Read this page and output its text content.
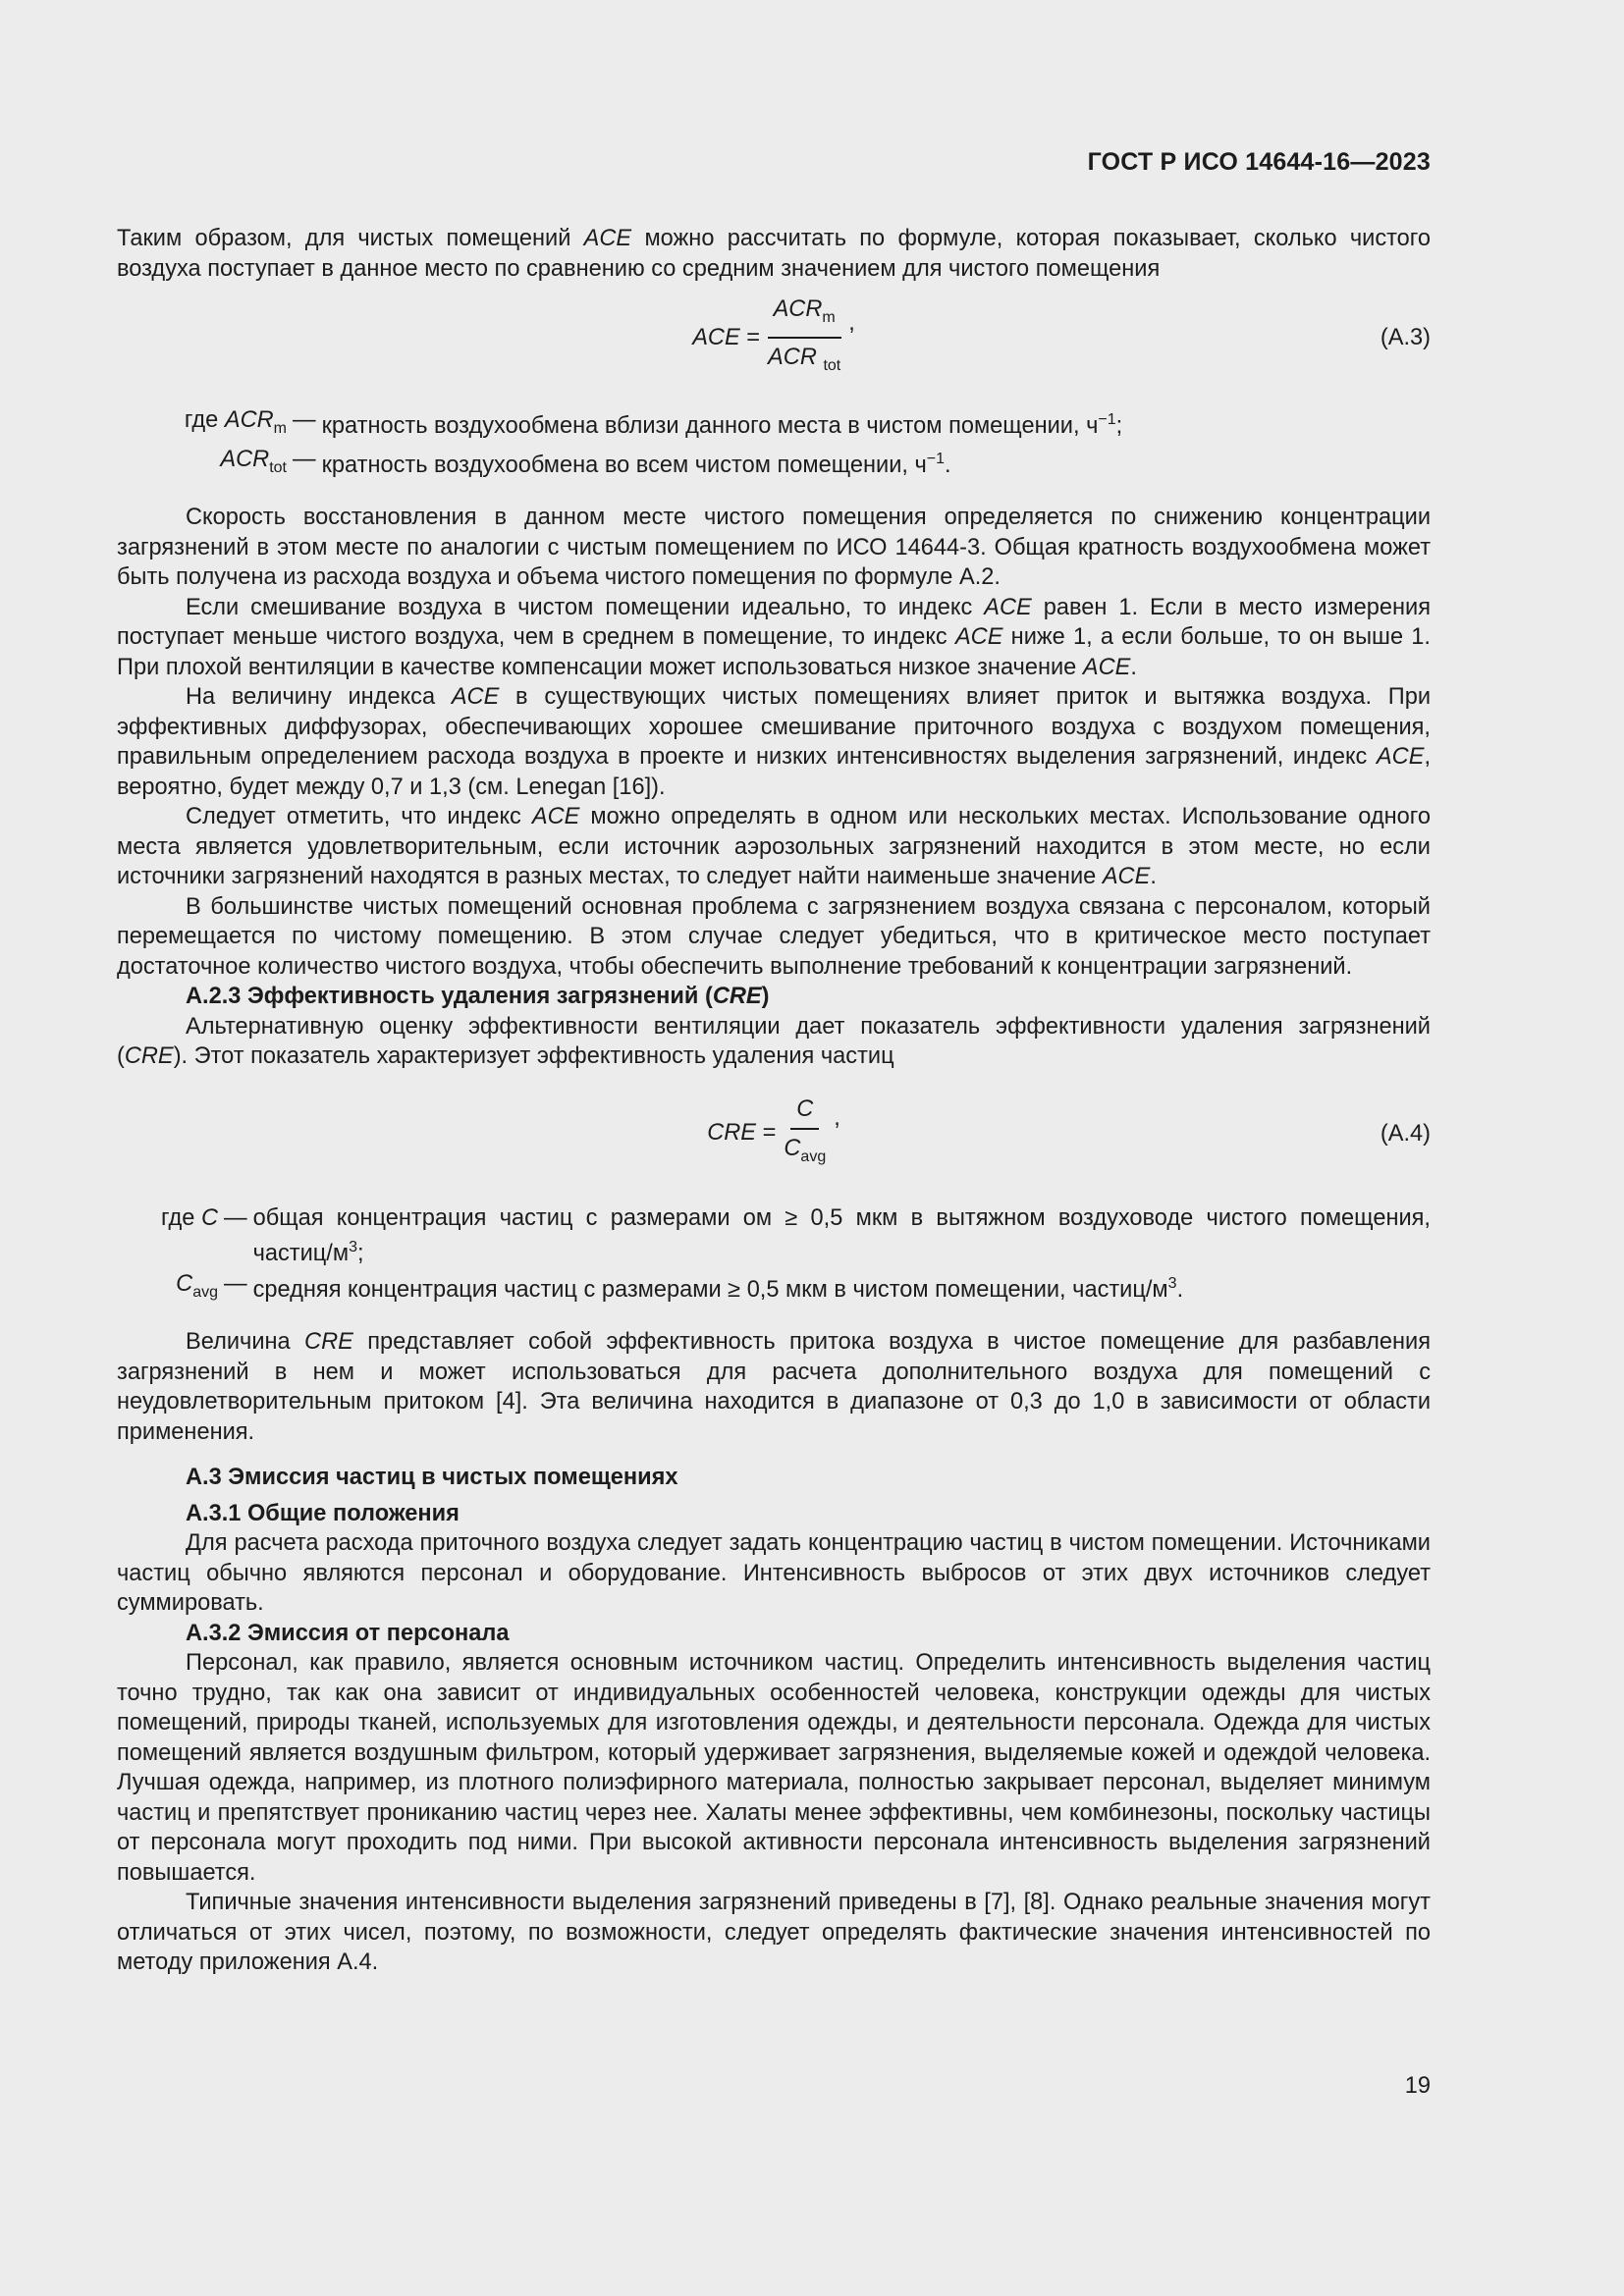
ГОСТ Р ИСО 14644-16—2023

Таким образом, для чистых помещений ACE можно рассчитать по формуле, которая показывает, сколько чистого воздуха поступает в данное место по сравнению со средним значением для чистого помещения

ACE
= $\frac{ACR_m}{ACR _{tot}}$ ,
(A.3)
где $ACR_m$ — кратность воздухообмена вблизи данного места в чистом помещении, $ч^{-1}$;
$ACR_{tot}$ — кратность воздухообмена во всем чистом помещении, $ч^{-1}$.

Скорость восстановления в данном месте чистого помещения определяется по снижению концентрации загрязнений в этом месте по аналогии с чистым помещением по ИСО 14644-3. Общая кратность воздухообмена может быть получена из расхода воздуха и объема чистого помещения по формуле А.2.

Если смешивание воздуха в чистом помещении идеально, то индекс ACE равен 1. Если в место измерения поступает меньше чистого воздуха, чем в среднем в помещение, то индекс ACE ниже 1, а если больше, то он выше 1. При плохой вентиляции в качестве компенсации может использоваться низкое значение ACE.

На величину индекса ACE в существующих чистых помещениях влияет приток и вытяжка воздуха. При эффективных диффузорах, обеспечивающих хорошее смешивание приточного воздуха с воздухом помещения, правильным определением расхода воздуха в проекте и низких интенсивностях выделения загрязнений, индекс ACE, вероятно, будет между 0,7 и 1,3 (см. Lenegan [16]).

Следует отметить, что индекс ACE можно определять в одном или нескольких местах. Использование одного места является удовлетворительным, если источник аэрозольных загрязнений находится в этом месте, но если источники загрязнений находятся в разных местах, то следует найти наименьше значение ACE.

В большинстве чистых помещений основная проблема с загрязнением воздуха связана с персоналом, который перемещается по чистому помещению. В этом случае следует убедиться, что в критическое место поступает достаточное количество чистого воздуха, чтобы обеспечить выполнение требований к концентрации загрязнений.

А.2.3 Эффективность удаления загрязнений (CRE)

Альтернативную оценку эффективности вентиляции дает показатель эффективности удаления загрязнений (CRE). Этот показатель характеризует эффективность удаления частиц

CRE
= $\frac{C}{C_{avg}}$ ,
(A.4)
где C — общая концентрация частиц с размерами ом ≥ 0,5 мкм в вытяжном воздуховоде чистого помещения, частиц/$м^3$;
$C_{avg}$ — средняя концентрация частиц с размерами ≥ 0,5 мкм в чистом помещении, частиц/$м^3$.

Величина CRE представляет собой эффективность притока воздуха в чистое помещение для разбавления загрязнений в нем и может использоваться для расчета дополнительного воздуха для помещений с неудовлетворительным притоком [4]. Эта величина находится в диапазоне от 0,3 до 1,0 в зависимости от области применения.

А.3 Эмиссия частиц в чистых помещениях

А.3.1 Общие положения

Для расчета расхода приточного воздуха следует задать концентрацию частиц в чистом помещении. Источниками частиц обычно являются персонал и оборудование. Интенсивность выбросов от этих двух источников следует суммировать.

А.3.2 Эмиссия от персонала

Персонал, как правило, является основным источником частиц. Определить интенсивность выделения частиц точно трудно, так как она зависит от индивидуальных особенностей человека, конструкции одежды для чистых помещений, природы тканей, используемых для изготовления одежды, и деятельности персонала. Одежда для чистых помещений является воздушным фильтром, который удерживает загрязнения, выделяемые кожей и одеждой человека. Лучшая одежда, например, из плотного полиэфирного материала, полностью закрывает персонал, выделяет минимум частиц и препятствует прониканию частиц через нее. Халаты менее эффективны, чем комбинезоны, поскольку частицы от персонала могут проходить под ними. При высокой активности персонала интенсивность выделения загрязнений повышается.

Типичные значения интенсивности выделения загрязнений приведены в [7], [8]. Однако реальные значения могут отличаться от этих чисел, поэтому, по возможности, следует определять фактические значения интенсивностей по методу приложения А.4.

19
